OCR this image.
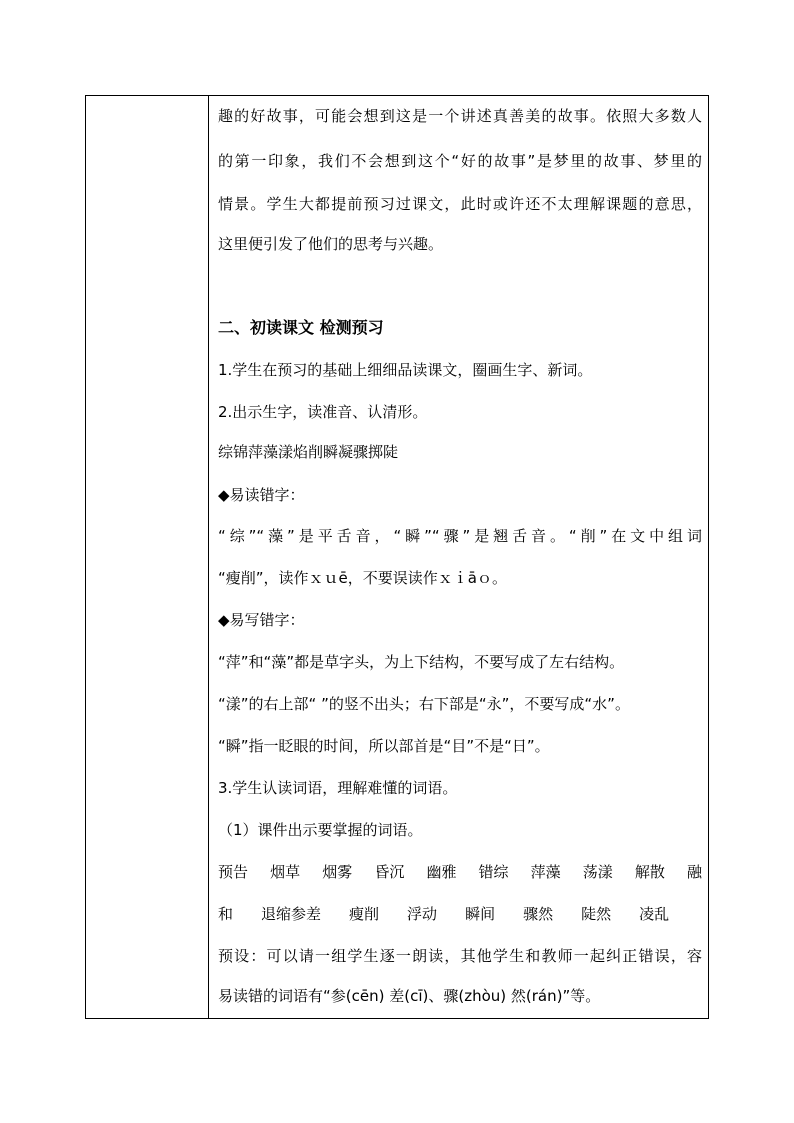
趣的好故事，可能会想到这是一个讲述真善美的故事。依照大多数人
的第一印象，我们不会想到这个“好的故事”是梦里的故事、梦里的
情景。学生大都提前预习过课文，此时或许还不太理解课题的意思，
这里便引发了他们的思考与兴趣。
二、初读课文 检测预习
1.学生在预习的基础上细细品读课文，圈画生字、新词。
2.出示生字，读准音、认清形。
综锦萍藻漾焰削瞬凝骤掷陡
◆易读错字：
“综”“藻”是平舌音，“瞬”“骤”是翘舌音。“削”在文中组词
“瘦削”，读作ｘｕē，不要误读作ｘｉāｏ。
◆易写错字：
“萍”和“藻”都是草字头，为上下结构，不要写成了左右结构。
“漾”的右上部“ ”的竖不出头；右下部是“永”，不要写成“水”。
“瞬”指一眨眼的时间，所以部首是“目”不是“日”。
3.学生认读词语，理解难懂的词语。
（1）课件出示要掌握的词语。
预告 烟草 烟雾 昏沉 幽雅 错综 萍藻 荡漾 解散 融
和 退缩参差 瘦削 浮动 瞬间 骤然 陡然 凌乱
预设：可以请一组学生逐一朗读，其他学生和教师一起纠正错误，容
易读错的词语有“参(cēn) 差(cī)、骤(zhòu) 然(rán)”等。
